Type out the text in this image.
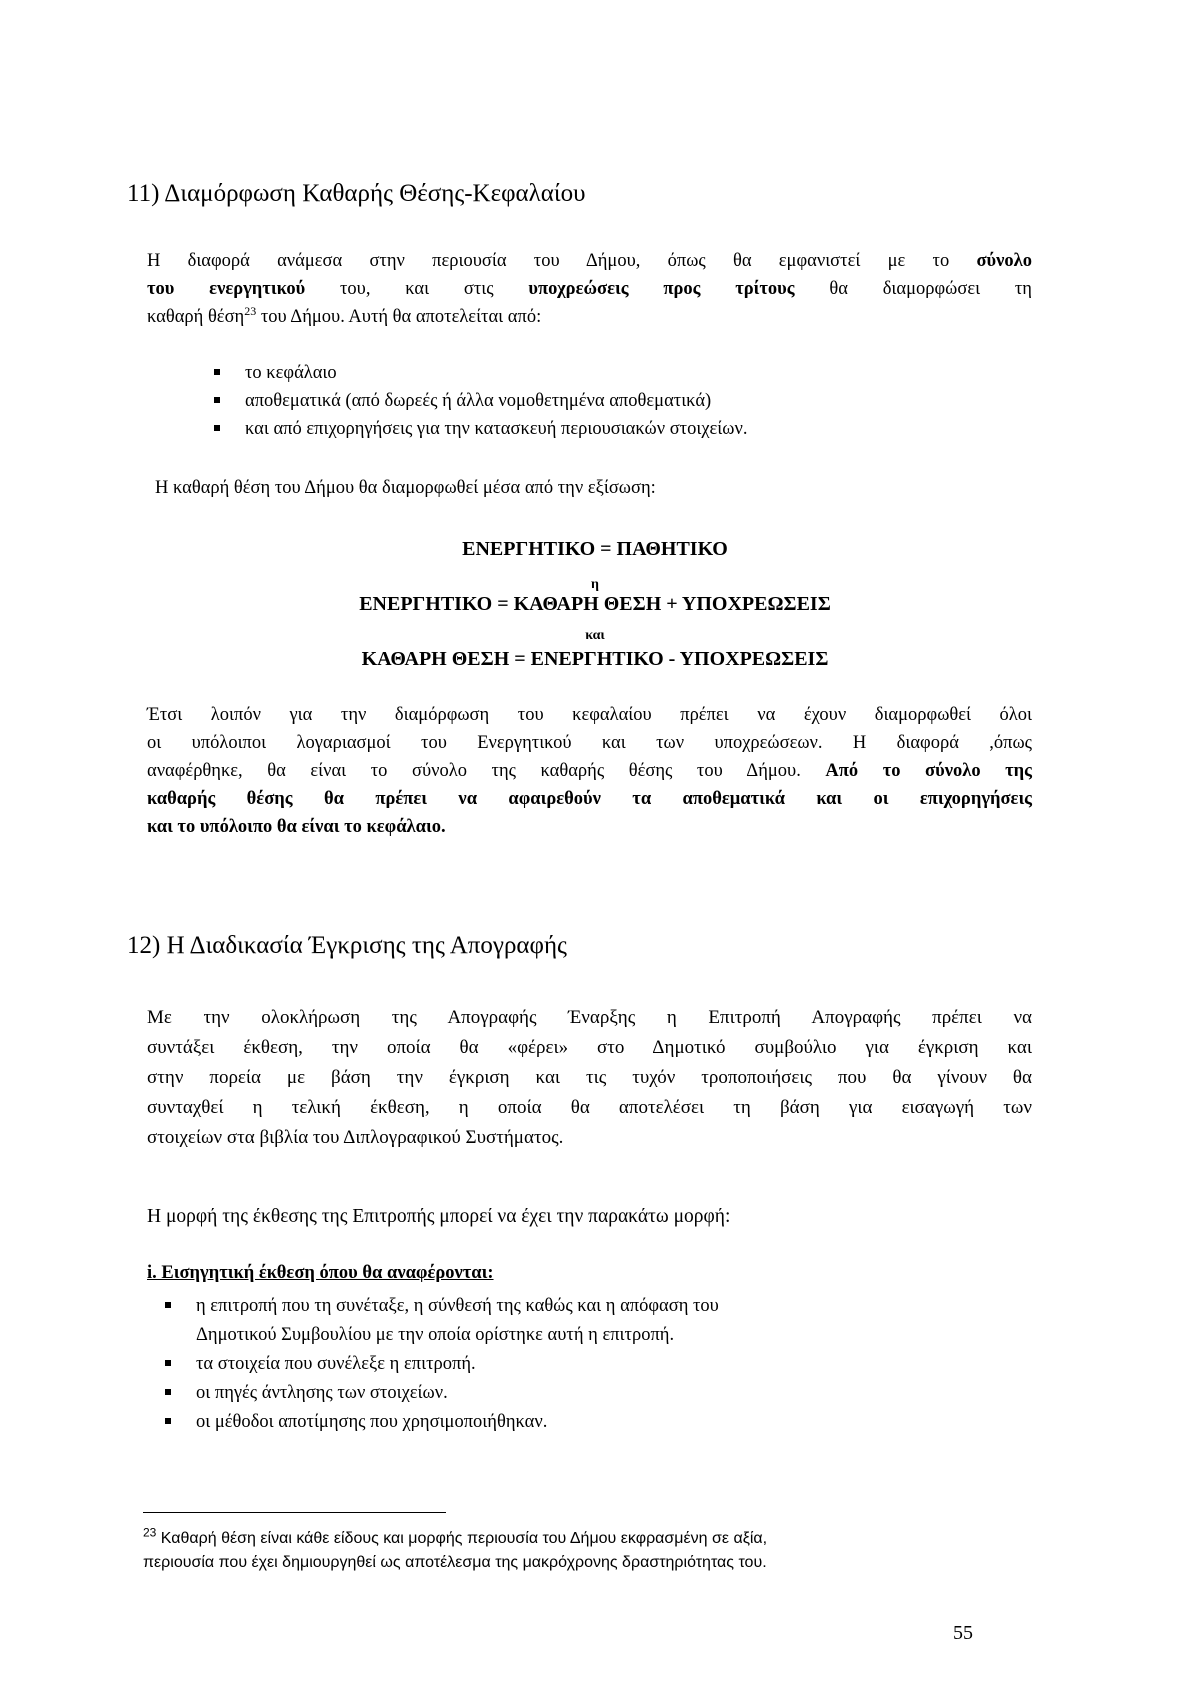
11) Διαμόρφωση Καθαρής Θέσης-Κεφαλαίου
Η διαφορά ανάμεσα στην περιουσία του Δήμου, όπως θα εμφανιστεί με το σύνολο
του ενεργητικού του, και στις υποχρεώσεις προς τρίτους θα διαμορφώσει τη
καθαρή θέση$^{23}$ του Δήμου. Αυτή θα αποτελείται από:
το κεφάλαιο
αποθεματικά (από δωρεές ή άλλα νομοθετημένα αποθεματικά)
και από επιχορηγήσεις για την κατασκευή περιουσιακών στοιχείων.
Η καθαρή θέση του Δήμου θα διαμορφωθεί μέσα από την εξίσωση:
ΕΝΕΡΓΗΤΙΚΟ = ΠΑΘΗΤΙΚΟ
η
ΕΝΕΡΓΗΤΙΚΟ = ΚΑΘΑΡΗ ΘΕΣΗ + ΥΠΟΧΡΕΩΣΕΙΣ
και
ΚΑΘΑΡΗ ΘΕΣΗ = ΕΝΕΡΓΗΤΙΚΟ - ΥΠΟΧΡΕΩΣΕΙΣ
Έτσι λοιπόν για την διαμόρφωση του κεφαλαίου πρέπει να έχουν διαμορφωθεί όλοι
οι υπόλοιποι λογαριασμοί του Ενεργητικού και των υποχρεώσεων. Η διαφορά ,όπως
αναφέρθηκε, θα είναι το σύνολο της καθαρής θέσης του Δήμου. Από το σύνολο της
καθαρής θέσης θα πρέπει να αφαιρεθούν τα αποθεματικά και οι επιχορηγήσεις
και το υπόλοιπο θα είναι το κεφάλαιο.
12) Η Διαδικασία Έγκρισης της Απογραφής
Με την ολοκλήρωση της Απογραφής Έναρξης η Επιτροπή Απογραφής πρέπει να
συντάξει έκθεση, την οποία θα «φέρει» στο Δημοτικό συμβούλιο για έγκριση και
στην πορεία με βάση την έγκριση και τις τυχόν τροποποιήσεις που θα γίνουν θα
συνταχθεί η τελική έκθεση, η οποία θα αποτελέσει τη βάση για εισαγωγή των
στοιχείων στα βιβλία του Διπλογραφικού Συστήματος.
Η μορφή της έκθεσης της Επιτροπής μπορεί να έχει την παρακάτω μορφή:
i. Εισηγητική έκθεση όπου θα αναφέρονται:
η επιτροπή που τη συνέταξε, η σύνθεσή της καθώς και η απόφαση του
Δημοτικού Συμβουλίου με την οποία ορίστηκε αυτή η επιτροπή.
τα στοιχεία που συνέλεξε η επιτροπή.
οι πηγές άντλησης των στοιχείων.
οι μέθοδοι αποτίμησης που χρησιμοποιήθηκαν.
$^{23}$ Καθαρή θέση είναι κάθε είδους και μορφής περιουσία του Δήμου εκφρασμένη σε αξία,
περιουσία που έχει δημιουργηθεί ως αποτέλεσμα της μακρόχρονης δραστηριότητας του.
55
